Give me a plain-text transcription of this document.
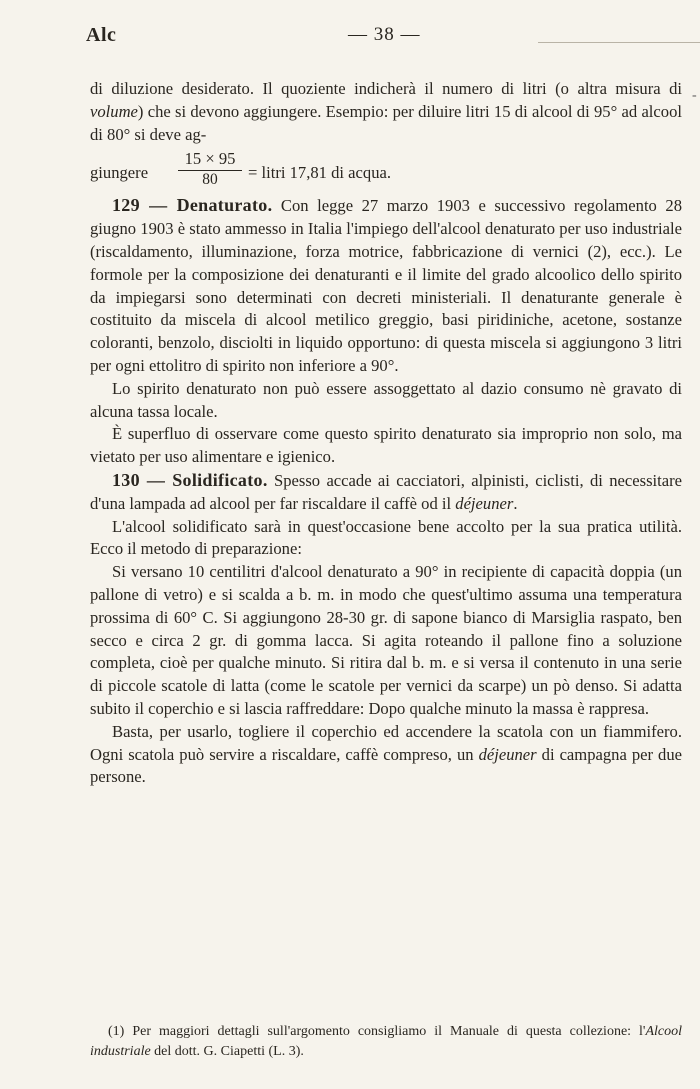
Alc	— 38 —
-

di diluzione desiderato. Il quoziente indicherà il numero di litri (o altra misura di volume) che si devono aggiungere. Esempio: per diluire litri 15 di alcool di 95° ad alcool di 80° si deve ag-

giungere
15 × 95
80	= litri 17,81 di acqua.

129 — Denaturato. Con legge 27 marzo 1903 e successivo regolamento 28 giugno 1903 è stato ammesso in Italia l'impiego dell'alcool denaturato per uso industriale (riscaldamento, illuminazione, forza motrice, fabbricazione di vernici (2), ecc.). Le formole per la composizione dei denaturanti e il limite del grado alcoolico dello spirito da impiegarsi sono determinati con decreti ministeriali. Il denaturante generale è costituito da miscela di alcool metilico greggio, basi piridiniche, acetone, sostanze coloranti, benzolo, disciolti in liquido opportuno: di questa miscela si aggiungono 3 litri per ogni ettolitro di spirito non inferiore a 90°.

Lo spirito denaturato non può essere assoggettato al dazio consumo nè gravato di alcuna tassa locale.

È superfluo di osservare come questo spirito denaturato sia improprio non solo, ma vietato per uso alimentare e igienico.

130 — Solidificato. Spesso accade ai cacciatori, alpinisti, ciclisti, di necessitare d'una lampada ad alcool per far riscaldare il caffè od il déjeuner.

L'alcool solidificato sarà in quest'occasione bene accolto per la sua pratica utilità. Ecco il metodo di preparazione:

Si versano 10 centilitri d'alcool denaturato a 90° in recipiente di capacità doppia (un pallone di vetro) e si scalda a b. m. in modo che quest'ultimo assuma una temperatura prossima di 60° C. Si aggiungono 28-30 gr. di sapone bianco di Marsiglia raspato, ben secco e circa 2 gr. di gomma lacca. Si agita roteando il pallone fino a soluzione completa, cioè per qualche minuto. Si ritira dal b. m. e si versa il contenuto in una serie di piccole scatole di latta (come le scatole per vernici da scarpe) un pò denso. Si adatta subito il coperchio e si lascia raffreddare: Dopo qualche minuto la massa è rappresa.

Basta, per usarlo, togliere il coperchio ed accendere la scatola con un fiammifero. Ogni scatola può servire a riscaldare, caffè compreso, un déjeuner di campagna per due persone.

(1) Per maggiori dettagli sull'argomento consigliamo il Manuale di questa collezione: l'Alcool industriale del dott. G. Ciapetti (L. 3).
